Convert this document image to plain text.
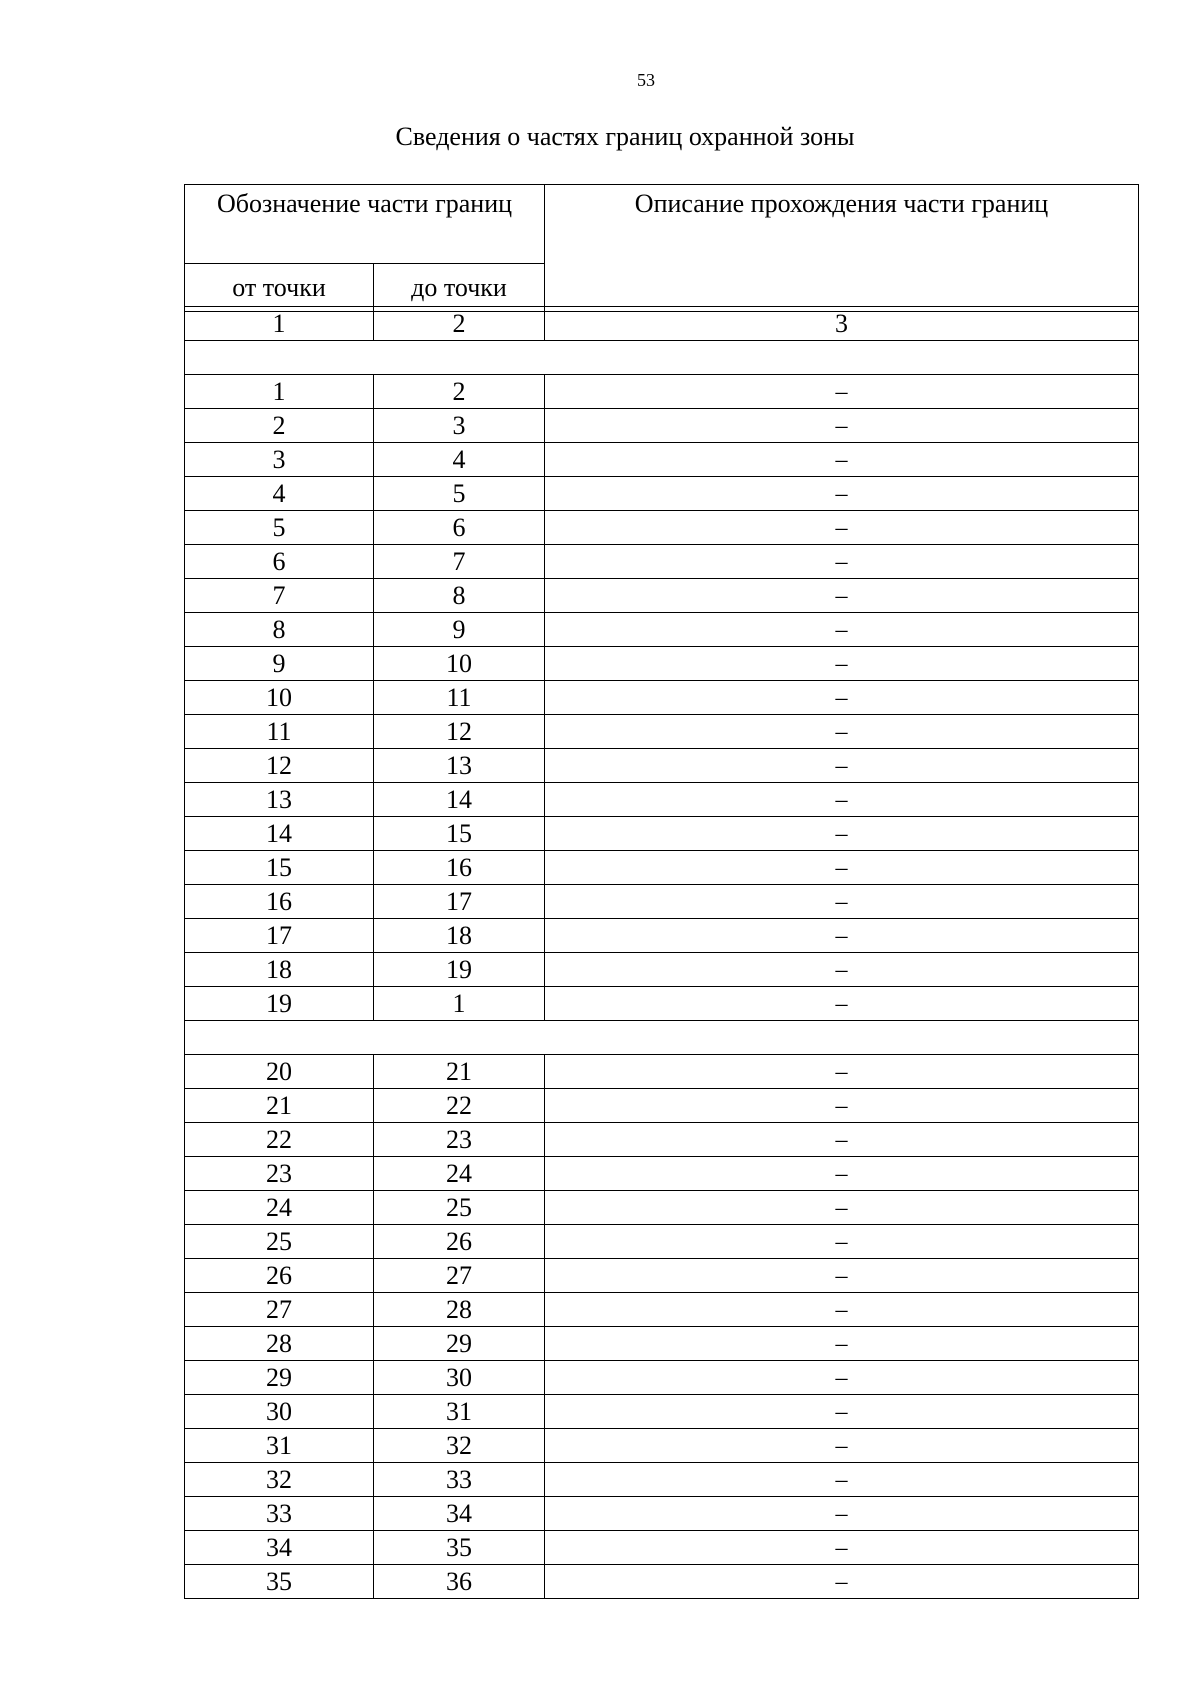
53
Сведения о частях границ охранной зоны
Обозначение части границ		Описание прохождения части границ
от точки	до точки	
1	2	3

1	2	–
2	3	–
3	4	–
4	5	–
5	6	–
6	7	–
7	8	–
8	9	–
9	10	–
10	11	–
11	12	–
12	13	–
13	14	–
14	15	–
15	16	–
16	17	–
17	18	–
18	19	–
19	1	–

20	21	–
21	22	–
22	23	–
23	24	–
24	25	–
25	26	–
26	27	–
27	28	–
28	29	–
29	30	–
30	31	–
31	32	–
32	33	–
33	34	–
34	35	–
35	36	–
